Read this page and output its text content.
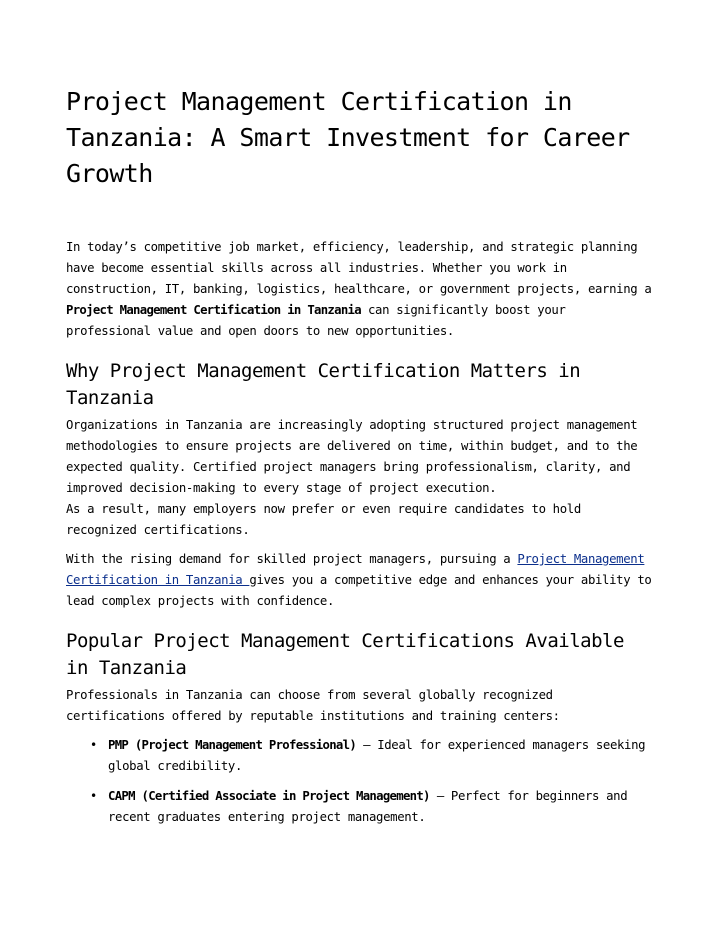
Project Management Certification in Tanzania: A Smart Investment for Career Growth

In today’s competitive job market, efficiency, leadership, and strategic planning have become essential skills across all industries. Whether you work in construction, IT, banking, logistics, healthcare, or government projects, earning a Project Management Certification in Tanzania can significantly boost your professional value and open doors to new opportunities.

Why Project Management Certification Matters in Tanzania

Organizations in Tanzania are increasingly adopting structured project management methodologies to ensure projects are delivered on time, within budget, and to the expected quality. Certified project managers bring professionalism, clarity, and improved decision-making to every stage of project execution.
As a result, many employers now prefer or even require candidates to hold recognized certifications.

With the rising demand for skilled project managers, pursuing a Project Management Certification in Tanzania gives you a competitive edge and enhances your ability to lead complex projects with confidence.

Popular Project Management Certifications Available in Tanzania

Professionals in Tanzania can choose from several globally recognized certifications offered by reputable institutions and training centers:

• PMP (Project Management Professional) – Ideal for experienced managers seeking global credibility.
• CAPM (Certified Associate in Project Management) – Perfect for beginners and recent graduates entering project management.
